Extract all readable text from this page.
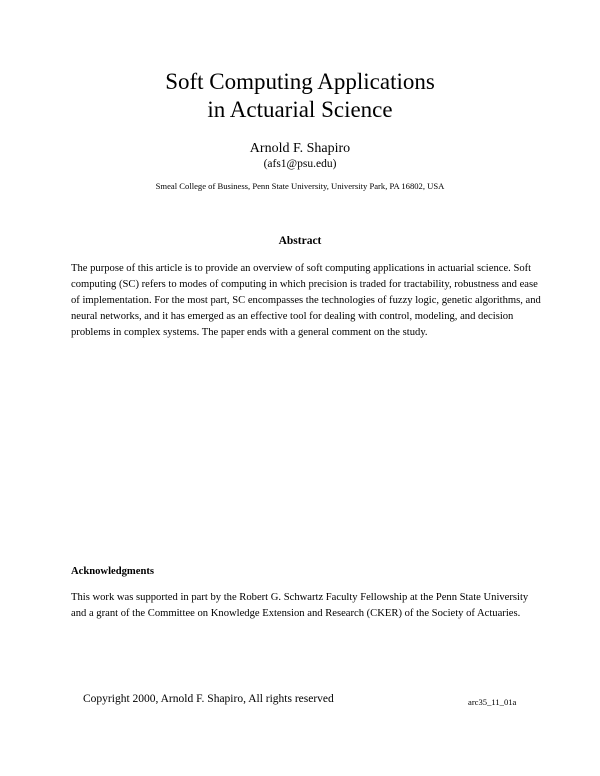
Soft Computing Applications
in Actuarial Science
Arnold F. Shapiro
(afs1@psu.edu)
Smeal College of Business, Penn State University, University Park, PA 16802, USA
Abstract

The purpose of this article is to provide an overview of soft computing applications in actuarial science. Soft computing (SC) refers to modes of computing in which precision is traded for tractability, robustness and ease of implementation. For the most part, SC encompasses the technologies of fuzzy logic, genetic algorithms, and neural networks, and it has emerged as an effective tool for dealing with control, modeling, and decision problems in complex systems. The paper ends with a general comment on the study.

Acknowledgments

This work was supported in part by the Robert G. Schwartz Faculty Fellowship at the Penn State University and a grant of the Committee on Knowledge Extension and Research (CKER) of the Society of Actuaries.

Copyright 2000, Arnold F. Shapiro, All rights reserved	arc35_11_01a
